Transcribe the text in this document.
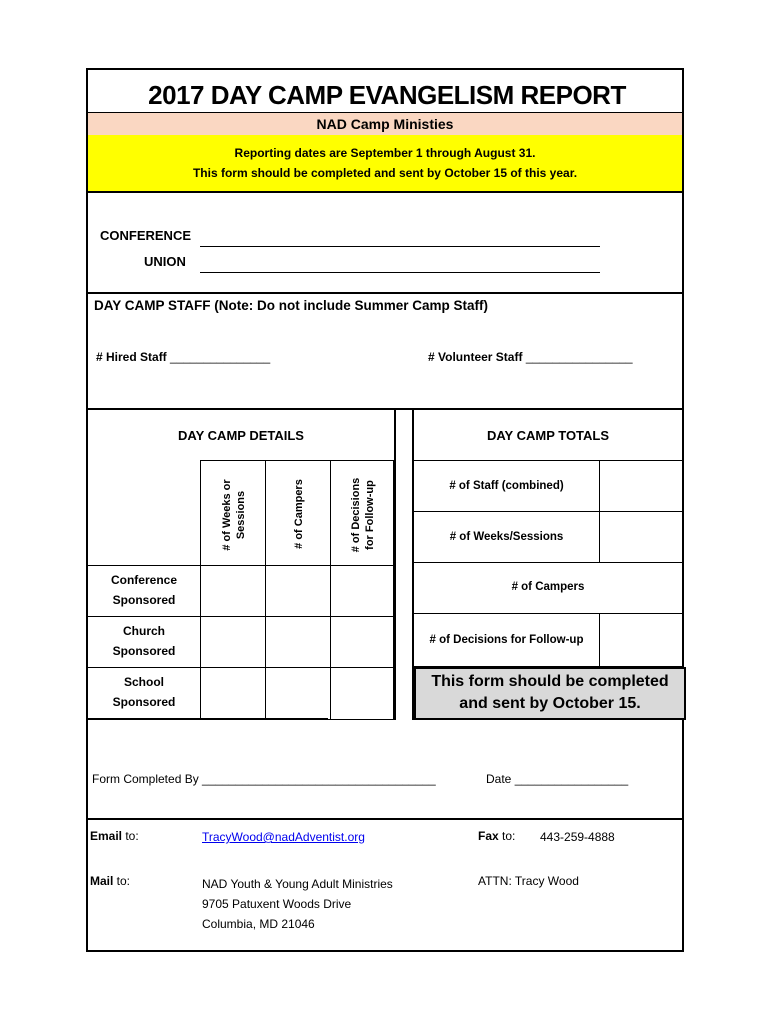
2017 DAY CAMP EVANGELISM REPORT
NAD Camp Ministies
Reporting dates are September 1 through August 31.
This form should be completed and sent by October 15 of this year.
CONFERENCE
UNION
DAY CAMP STAFF (Note: Do not include Summer Camp Staff)
# Hired Staff _______________	# Volunteer Staff ________________
DAY CAMP DETAILS
# of Weeks or Sessions	# of Campers	# of Decisions for Follow-up
Conference
Sponsored
Church
Sponsored
School
Sponsored
DAY CAMP TOTALS
# of Staff (combined)
# of Weeks/Sessions
# of Campers
# of Decisions for Follow-up
This form should be completed
and sent by October 15.
Form Completed By ___________________________________	Date _________________
Email to:	TracyWood@nadAdventist.org	Fax to: 443-259-4888
Mail to:	NAD Youth & Young Adult Ministries
9705 Patuxent Woods Drive
Columbia, MD 21046
ATTN: Tracy Wood
